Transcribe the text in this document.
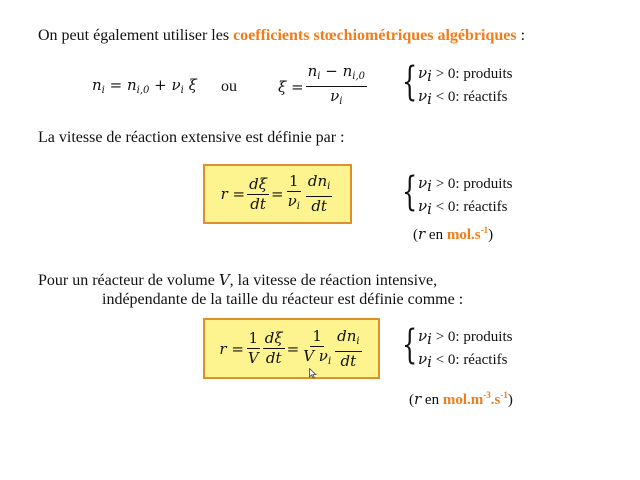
On peut également utiliser les coefficients stœchiométriques algébriques :
$n_i = n_{i,0} + \nu_i$ ξ ou	$\xi = \frac{n_i - n_{i,0}}{\nu_i}$ { $\nu_i > 0$: produits
$\nu_i < 0$: réactifs
La vitesse de réaction extensive est définie par :
$r = \frac{d\xi}{dt} = \frac{1}{\nu_i} \frac{dn_i}{dt}$ { $\nu_i > 0$: produits
$\nu_i < 0$: réactifs
(r en $mol.s^{-1}$)
Pour un réacteur de volume V, la vitesse de réaction intensive,
indépendante de la taille du réacteur est définie comme :
$r = \frac{1}{V} \frac{d\xi}{dt} = \frac{1}{V \nu_i} \frac{dn_i}{dt}$ { $\nu_i > 0$: produits
$\nu_i < 0$: réactifs
(r en $mol.m^{-3}.s^{-1}$)
